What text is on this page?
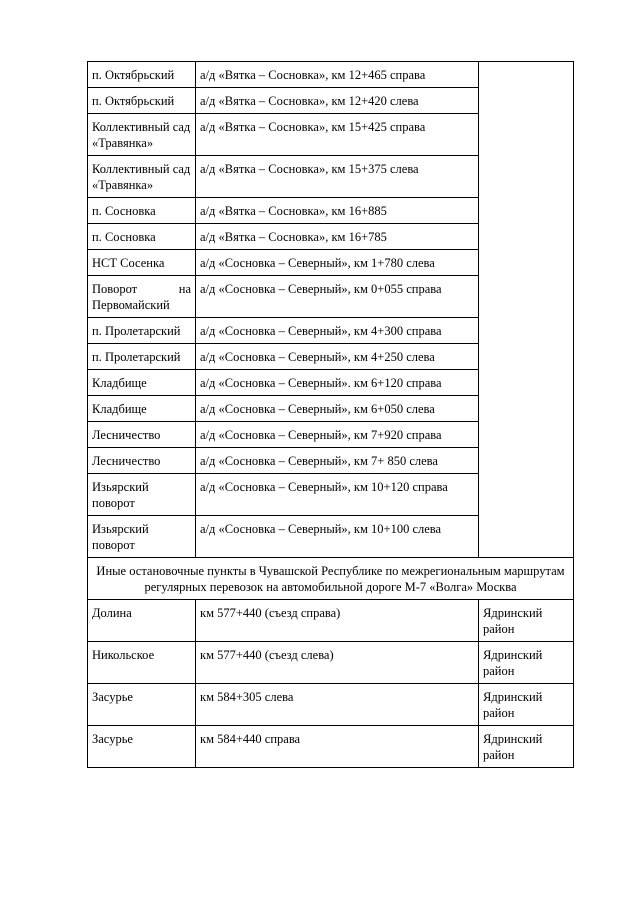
п. Октябрьский	а/д «Вятка – Сосновка», км 12+465 справа	
п. Октябрьский	а/д «Вятка – Сосновка», км 12+420 слева	
Коллективный сад «Травянка»	а/д «Вятка – Сосновка», км 15+425 справа	
Коллективный сад «Травянка»	а/д «Вятка – Сосновка», км 15+375 слева	
п. Сосновка	а/д «Вятка – Сосновка», км 16+885	
п. Сосновка	а/д «Вятка – Сосновка», км 16+785	
НСТ Сосенка	а/д «Сосновка – Северный», км 1+780 слева	
Поворот на Первомайский	а/д «Сосновка – Северный», км 0+055 справа	
п. Пролетарский	а/д «Сосновка – Северный», км 4+300 справа	
п. Пролетарский	а/д «Сосновка – Северный», км 4+250 слева	
Кладбище	а/д «Сосновка – Северный». км 6+120 справа	
Кладбище	а/д «Сосновка – Северный», км 6+050 слева	
Лесничество	а/д «Сосновка – Северный», км 7+920 справа	
Лесничество	а/д «Сосновка – Северный», км 7+ 850 слева	
Изьярский поворот	а/д «Сосновка – Северный», км 10+120 справа	
Изьярский поворот	а/д «Сосновка – Северный», км 10+100 слева	
Иные остановочные пункты в Чувашской Республике по межрегиональным маршрутам регулярных перевозок на автомобильной дороге М-7 «Волга» Москва		
Долина	км 577+440 (съезд справа)	Ядринский район
Никольское	км 577+440 (съезд слева)	Ядринский район
Засурье	км 584+305 слева	Ядринский район
Засурье	км 584+440 справа	Ядринский район
